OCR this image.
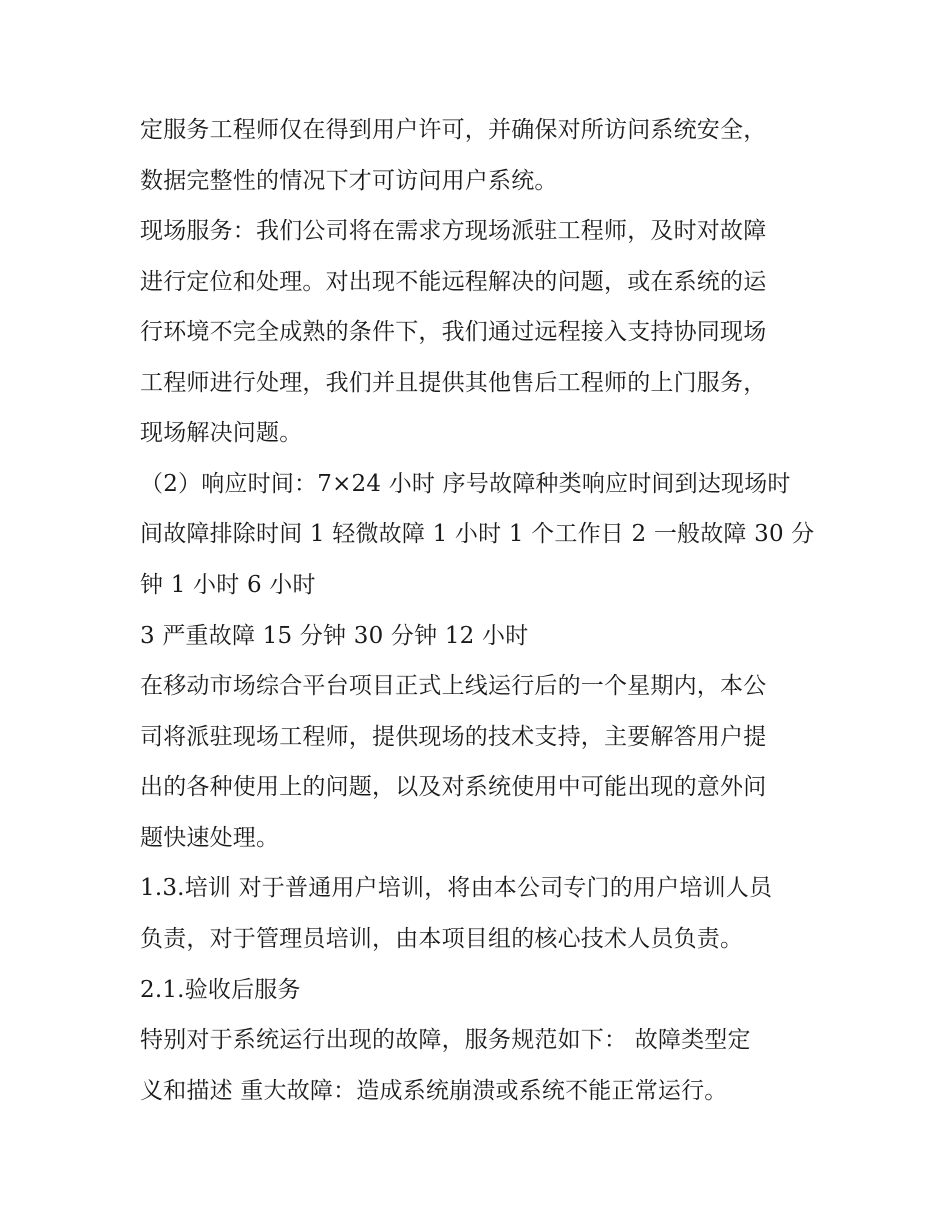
定服务工程师仅在得到用户许可，并确保对所访问系统安全，
数据完整性的情况下才可访问用户系统。
现场服务：我们公司将在需求方现场派驻工程师，及时对故障
进行定位和处理。对出现不能远程解决的问题，或在系统的运
行环境不完全成熟的条件下，我们通过远程接入支持协同现场
工程师进行处理，我们并且提供其他售后工程师的上门服务，
现场解决问题。
（2）响应时间：7×24 小时 序号故障种类响应时间到达现场时
间故障排除时间 1 轻微故障 1 小时 1 个工作日 2 一般故障 30 分
钟 1 小时 6 小时
3 严重故障 15 分钟 30 分钟 12 小时
在移动市场综合平台项目正式上线运行后的一个星期内，本公
司将派驻现场工程师，提供现场的技术支持，主要解答用户提
出的各种使用上的问题，以及对系统使用中可能出现的意外问
题快速处理。
1.3.培训 对于普通用户培训，将由本公司专门的用户培训人员
负责，对于管理员培训，由本项目组的核心技术人员负责。
2.1.验收后服务
特别对于系统运行出现的故障，服务规范如下： 故障类型定
义和描述 重大故障：造成系统崩溃或系统不能正常运行。
